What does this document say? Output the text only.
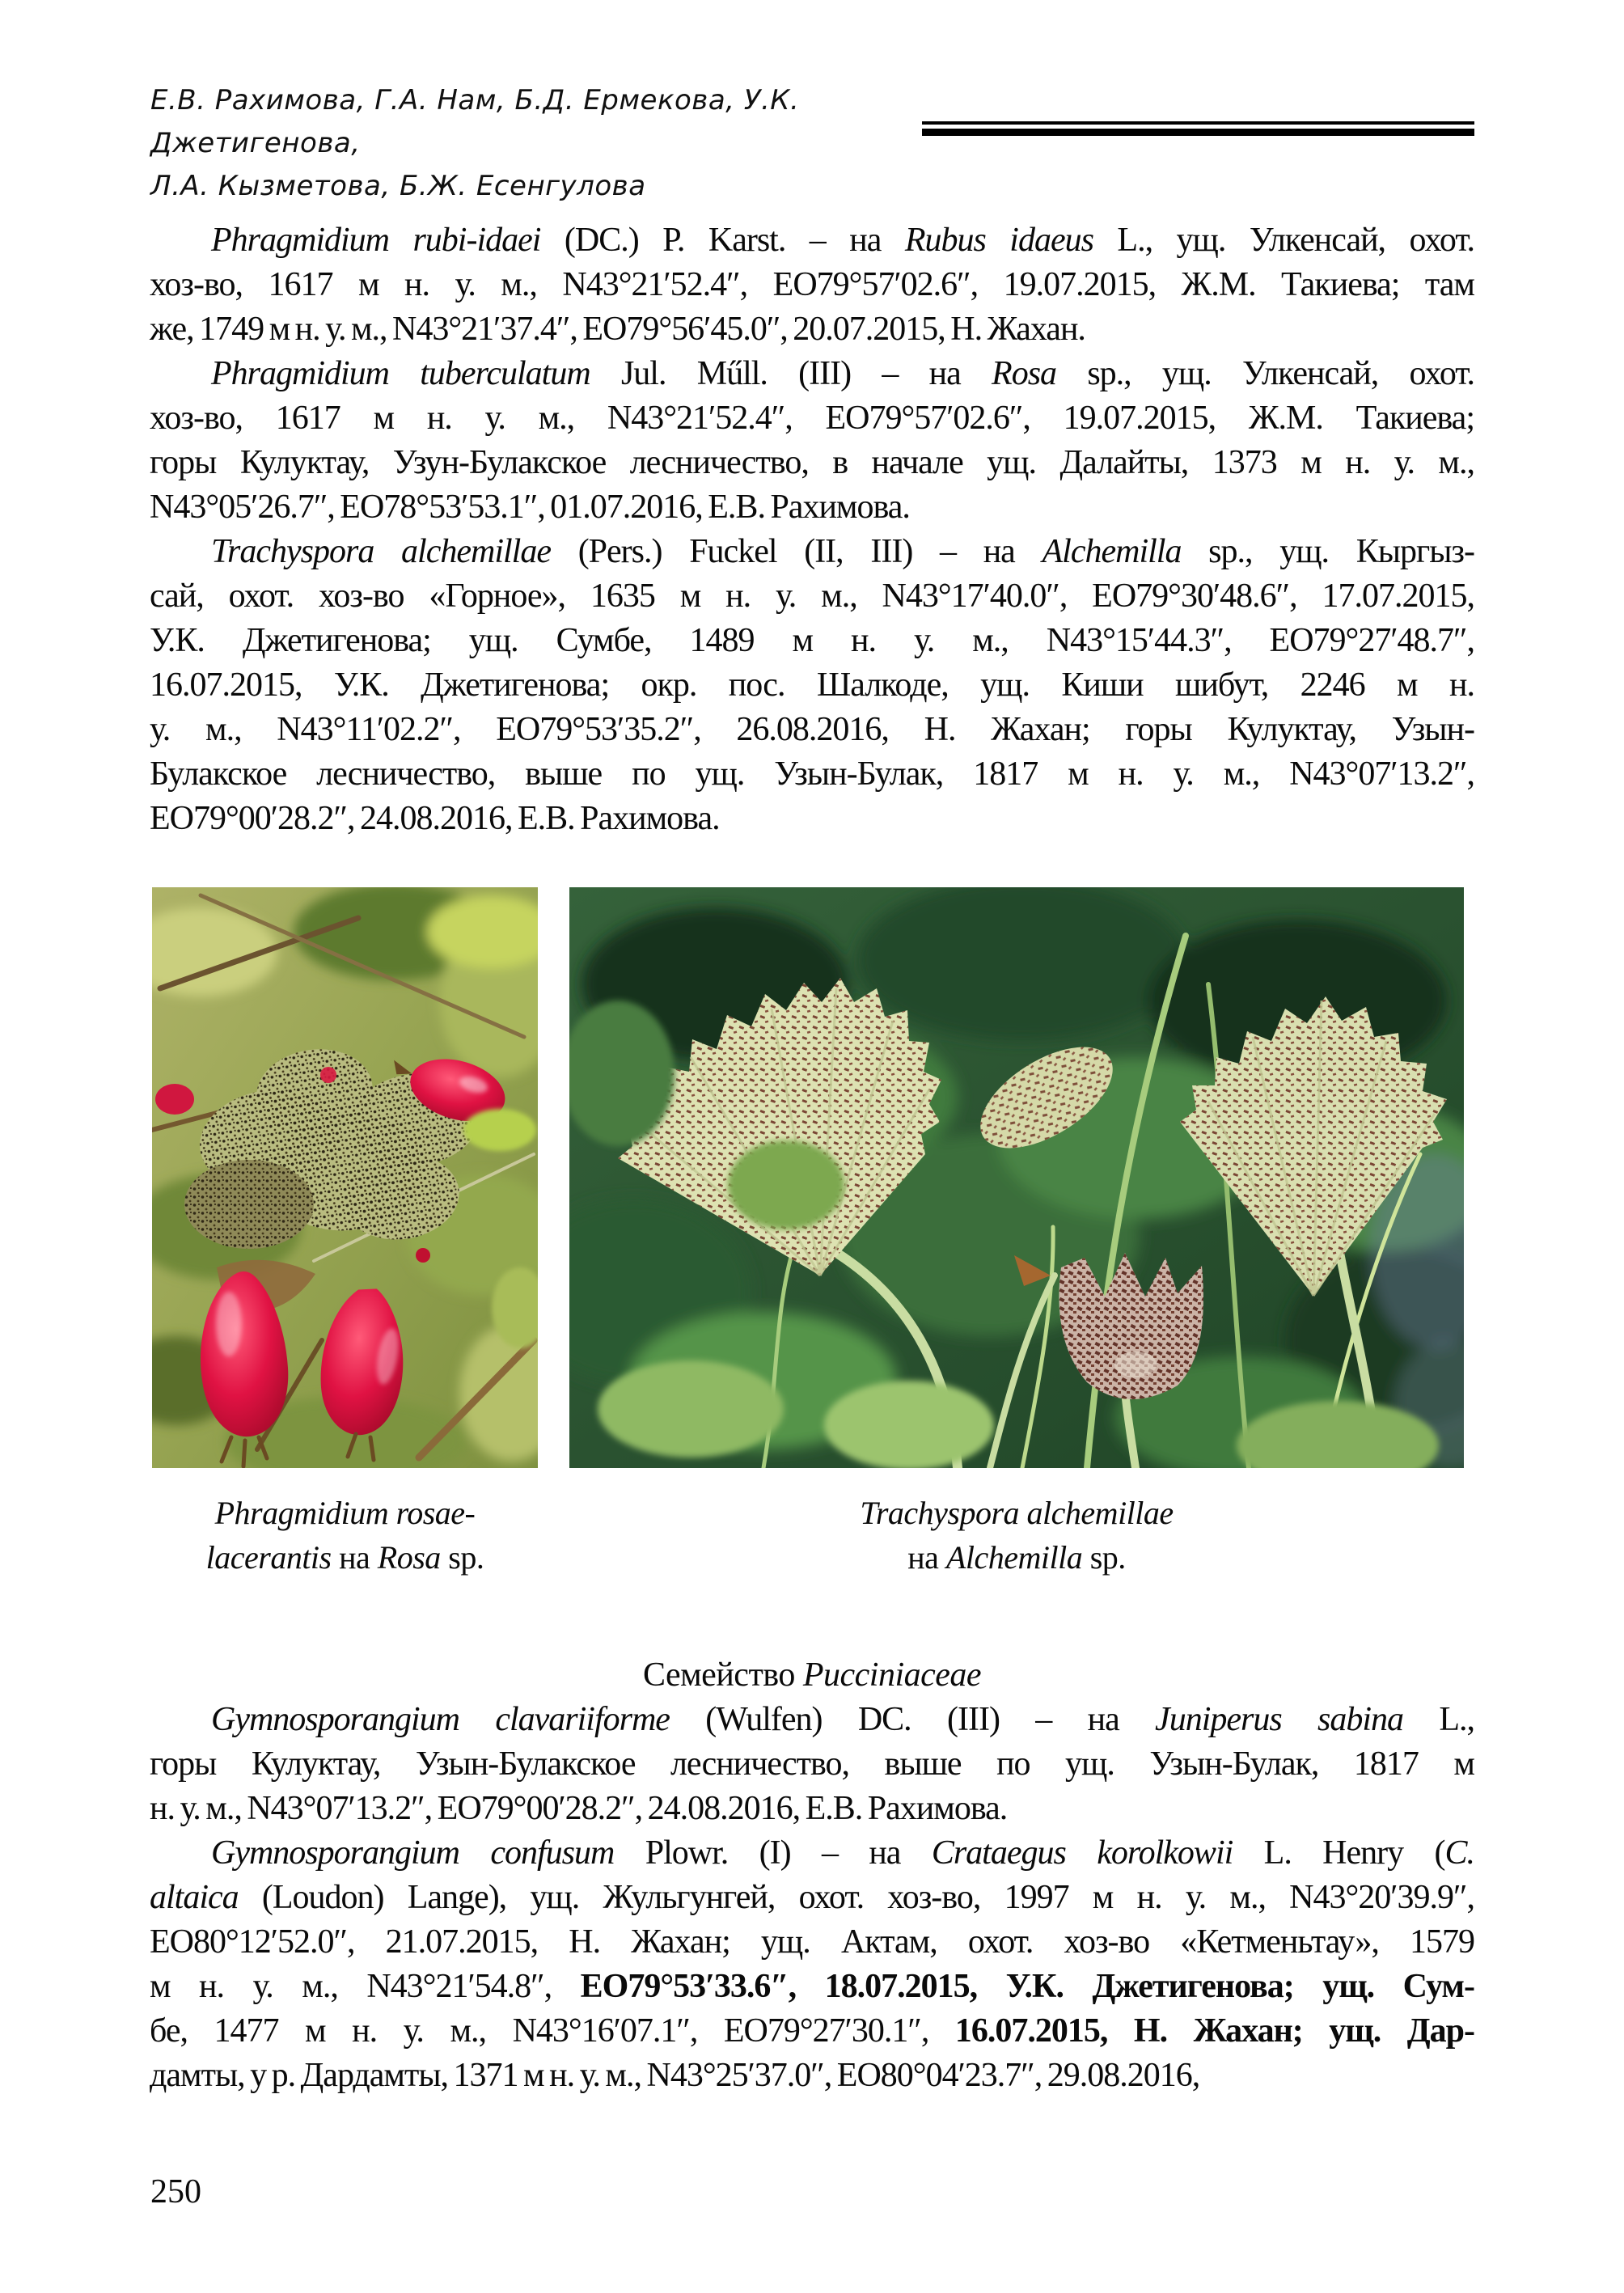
Е.В. Рахимова, Г.А. Нам, Б.Д. Ермекова, У.К. Джетигенова,
Л.А. Кызметова, Б.Ж. Есенгулова
Phragmidium rubi-idaei (DC.) P. Karst. – на Rubus idaeus L., ущ. Улкенсай, охот.
хоз-во, 1617 м н. у. м., N43°21′52.4″, ЕО79°57′02.6″, 19.07.2015, Ж.М. Такиева; там
же, 1749 м н. у. м., N43°21′37.4″, ЕО79°56′45.0″, 20.07.2015, Н. Жахан.
Phragmidium tuberculatum Jul. Műll. (III) – на Rosa sp., ущ. Улкенсай, охот.
хоз-во, 1617 м н. у. м., N43°21′52.4″, ЕО79°57′02.6″, 19.07.2015, Ж.М. Такиева;
горы Кулуктау, Узун-Булакское лесничество, в начале ущ. Далайты, 1373 м н. у. м.,
N43°05′26.7″, ЕО78°53′53.1″, 01.07.2016, Е.В. Рахимова.
Trachyspora alchemillae (Pers.) Fuckel (II, III) – на Alchemilla sp., ущ. Кыргыз-
сай, охот. хоз-во «Горное», 1635 м н. у. м., N43°17′40.0″, ЕО79°30′48.6″, 17.07.2015,
У.К. Джетигенова; ущ. Сумбе, 1489 м н. у. м., N43°15′44.3″, ЕО79°27′48.7″,
16.07.2015, У.К. Джетигенова; окр. пос. Шалкоде, ущ. Киши шибут, 2246 м н.
у. м., N43°11′02.2″, ЕО79°53′35.2″, 26.08.2016, Н. Жахан; горы Кулуктау, Узын-
Булакское лесничество, выше по ущ. Узын-Булак, 1817 м н. у. м., N43°07′13.2″,
ЕО79°00′28.2″, 24.08.2016, Е.В. Рахимова.
Phragmidium rosae-
lacerantis на Rosa sp.
Trachyspora alchemillae
на Alchemilla sp.
Семейство Pucciniaceae
Gymnosporangium clavariiforme (Wulfen) DC. (III) – на Juniperus sabina L.,
горы Кулуктау, Узын-Булакское лесничество, выше по ущ. Узын-Булак, 1817 м
н. у. м., N43°07′13.2″, ЕО79°00′28.2″, 24.08.2016, Е.В. Рахимова.
Gymnosporangium confusum Plowr. (I) – на Crataegus korolkowii L. Henry (C.
altaica (Loudon) Lange), ущ. Жульгунгей, охот. хоз-во, 1997 м н. у. м., N43°20′39.9″,
ЕО80°12′52.0″, 21.07.2015, Н. Жахан; ущ. Актам, охот. хоз-во «Кетменьтау», 1579
м н. у. м., N43°21′54.8″, ЕО79°53′33.6″, 18.07.2015, У.К. Джетигенова; ущ. Сум-
бе, 1477 м н. у. м., N43°16′07.1″, ЕО79°27′30.1″, 16.07.2015, Н. Жахан; ущ. Дар-
дамты, у р. Дардамты, 1371 м н. у. м., N43°25′37.0″, ЕО80°04′23.7″, 29.08.2016,
250
